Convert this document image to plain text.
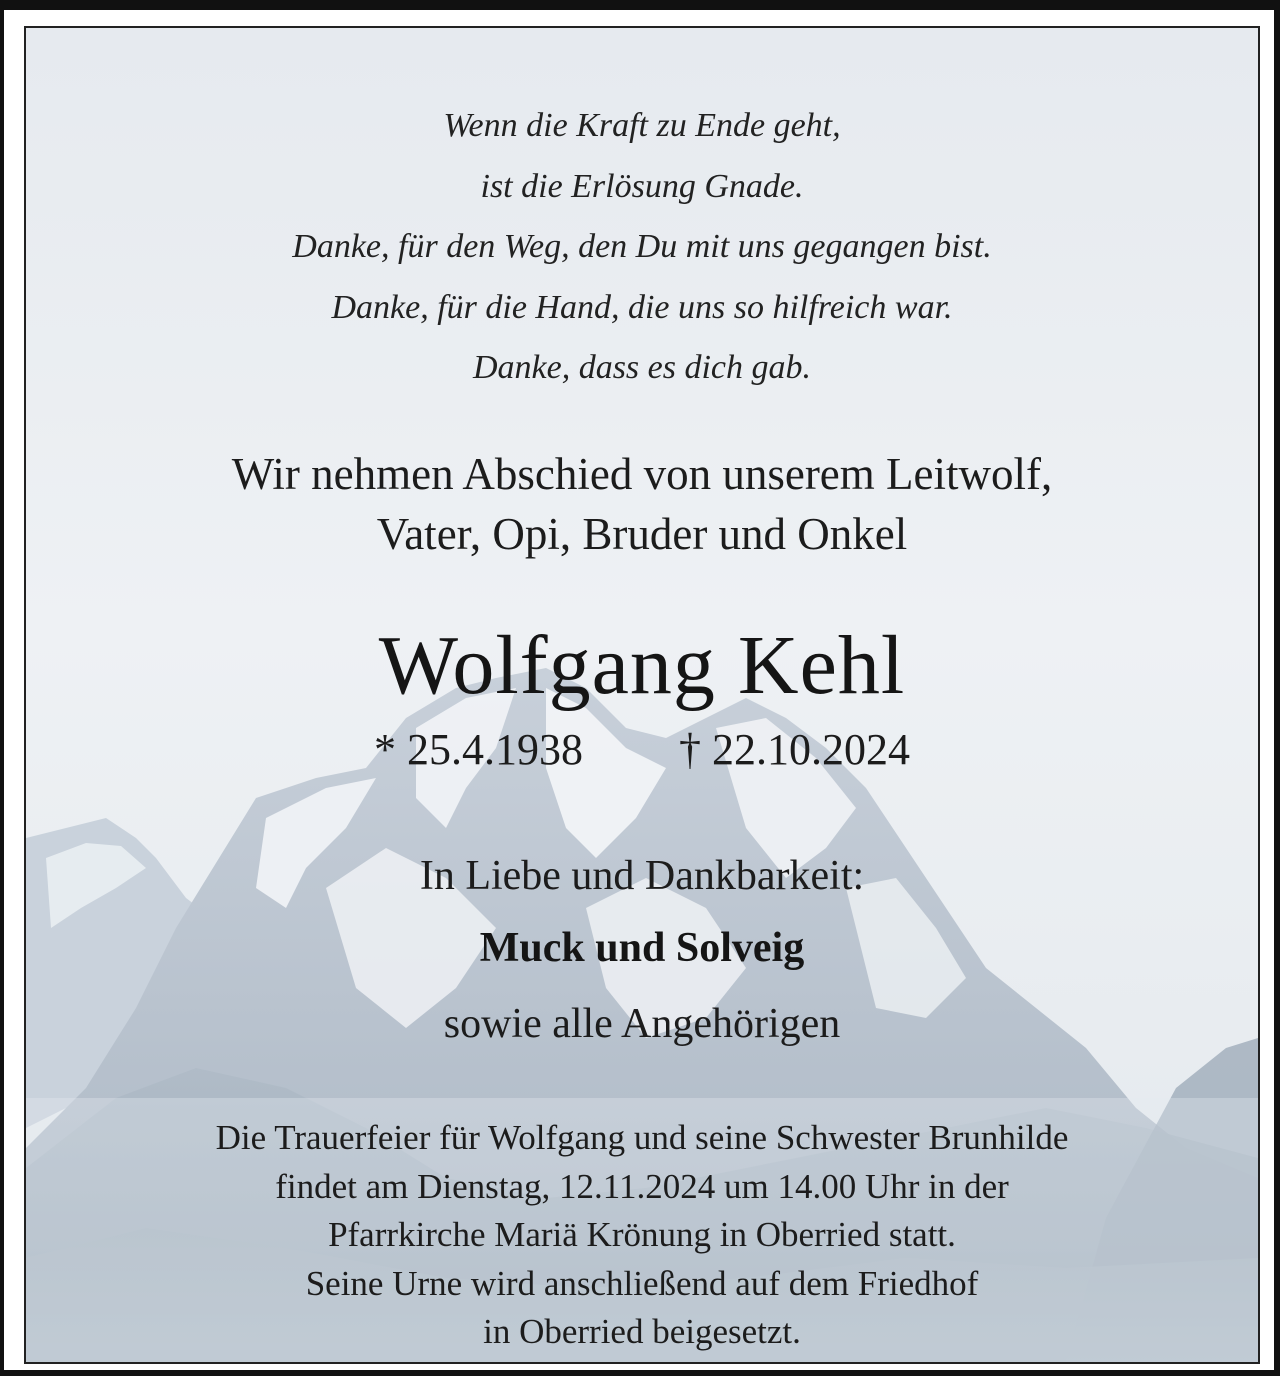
Wenn die Kraft zu Ende geht,
ist die Erlösung Gnade.
Danke, für den Weg, den Du mit uns gegangen bist.
Danke, für die Hand, die uns so hilfreich war.
Danke, dass es dich gab.
Wir nehmen Abschied von unserem Leitwolf,
Vater, Opi, Bruder und Onkel
Wolfgang Kehl
* 25.4.1938 † 22.10.2024
In Liebe und Dankbarkeit:
Muck und Solveig
sowie alle Angehörigen
Die Trauerfeier für Wolfgang und seine Schwester Brunhilde
findet am Dienstag, 12.11.2024 um 14.00 Uhr in der
Pfarrkirche Mariä Krönung in Oberried statt.
Seine Urne wird anschließend auf dem Friedhof
in Oberried beigesetzt.
